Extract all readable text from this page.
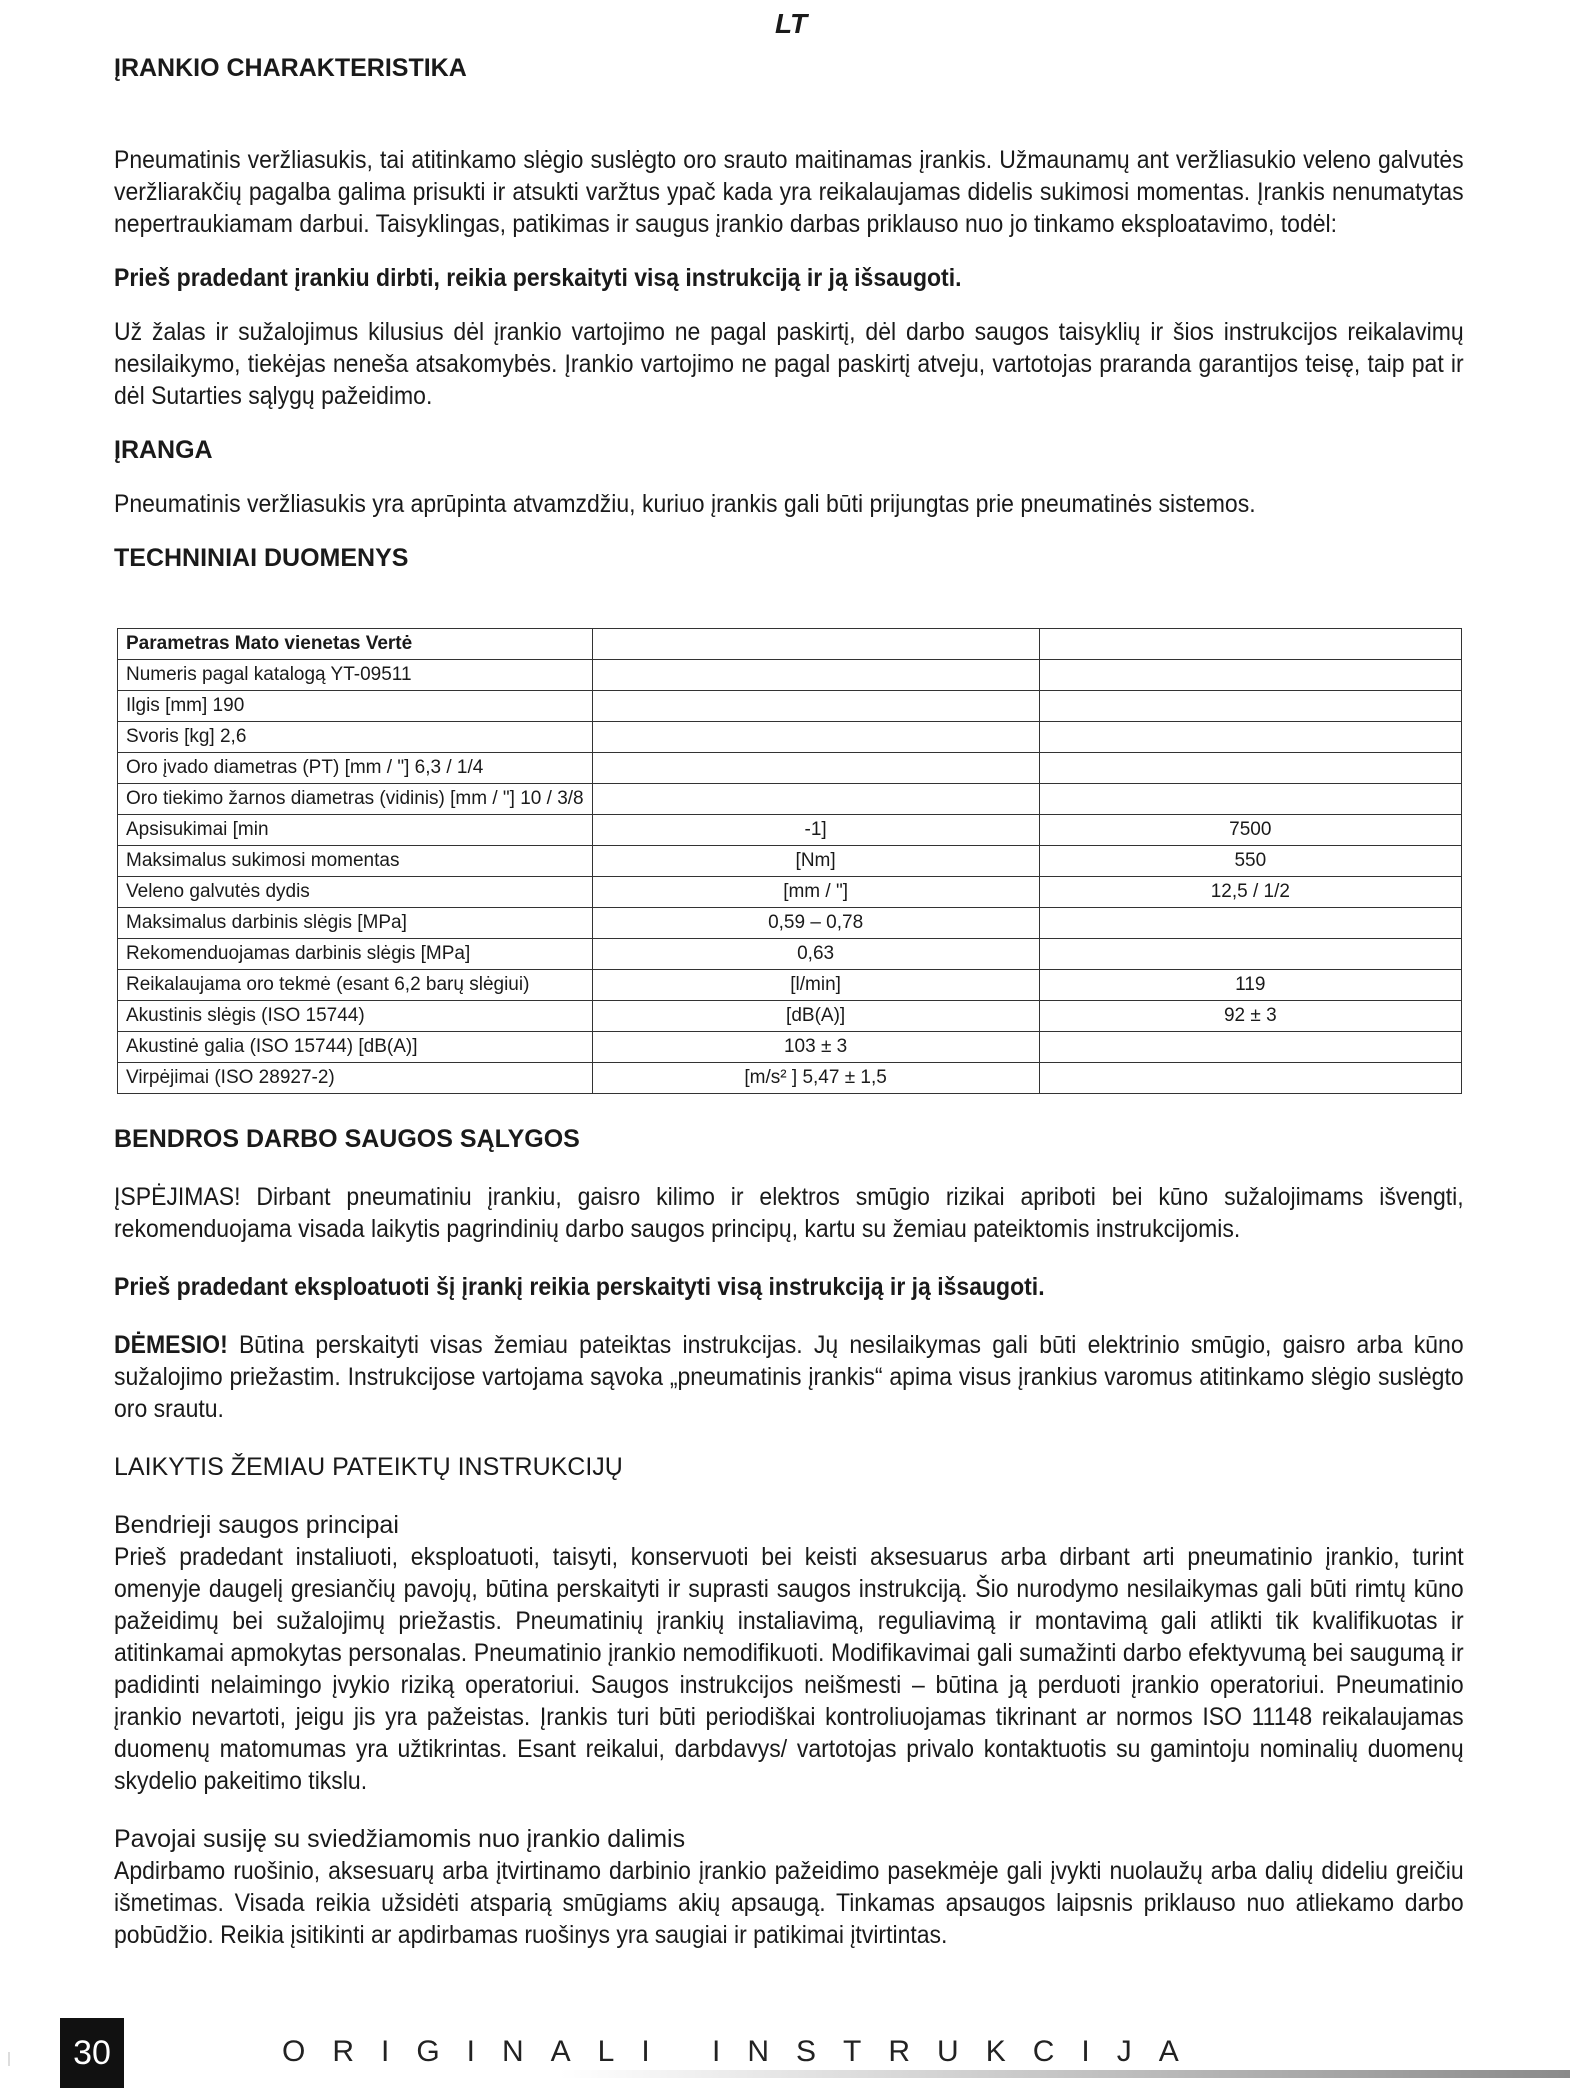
LT
ĮRANKIO CHARAKTERISTIKA
Pneumatinis veržliasukis, tai atitinkamo slėgio suslėgto oro srauto maitinamas įrankis. Užmaunamų ant veržliasukio veleno galvutės veržliarakčių pagalba galima prisukti ir atsukti varžtus ypač kada yra reikalaujamas didelis sukimosi momentas. Įrankis nenumatytas nepertraukiamam darbui. Taisyklingas, patikimas ir saugus įrankio darbas priklauso nuo jo tinkamo eksploatavimo, todėl:
Prieš pradedant įrankiu dirbti, reikia perskaityti visą instrukciją ir ją išsaugoti.
Už žalas ir sužalojimus kilusius dėl įrankio vartojimo ne pagal paskirtį, dėl darbo saugos taisyklių ir šios instrukcijos reikalavimų nesilaikymo, tiekėjas neneša atsakomybės. Įrankio vartojimo ne pagal paskirtį atveju, vartotojas praranda garantijos teisę, taip pat ir dėl Sutarties sąlygų pažeidimo.
ĮRANGA
Pneumatinis veržliasukis yra aprūpinta atvamzdžiu, kuriuo įrankis gali būti prijungtas prie pneumatinės sistemos.
TECHNINIAI DUOMENYS
Parametras Mato vienetas Vertė		
Numeris pagal katalogą YT-09511		
Ilgis [mm] 190		
Svoris [kg] 2,6		
Oro įvado diametras (PT) [mm / "] 6,3 / 1/4		
Oro tiekimo žarnos diametras (vidinis) [mm / "] 10 / 3/8		
Apsisukimai [min	-1]	7500
Maksimalus sukimosi momentas	[Nm]	550
Veleno galvutės dydis	[mm / "]	12,5 / 1/2
Maksimalus darbinis slėgis [MPa]	0,59 – 0,78	
Rekomenduojamas darbinis slėgis [MPa]	0,63	
Reikalaujama oro tekmė (esant 6,2 barų slėgiui)	[l/min]	119
Akustinis slėgis (ISO 15744)	[dB(A)]	92 ± 3
Akustinė galia (ISO 15744) [dB(A)]	103 ± 3	
Virpėjimai (ISO 28927-2)	[m/s² ] 5,47 ± 1,5	
BENDROS DARBO SAUGOS SĄLYGOS
ĮSPĖJIMAS! Dirbant pneumatiniu įrankiu, gaisro kilimo ir elektros smūgio rizikai apriboti bei kūno sužalojimams išvengti, rekomenduojama visada laikytis pagrindinių darbo saugos principų, kartu su žemiau pateiktomis instrukcijomis.
Prieš pradedant eksploatuoti šį įrankį reikia perskaityti visą instrukciją ir ją išsaugoti.
DĖMESIO! Būtina perskaityti visas žemiau pateiktas instrukcijas. Jų nesilaikymas gali būti elektrinio smūgio, gaisro arba kūno sužalojimo priežastim. Instrukcijose vartojama sąvoka „pneumatinis įrankis“ apima visus įrankius varomus atitinkamo slėgio suslėgto oro srautu.
LAIKYTIS ŽEMIAU PATEIKTŲ INSTRUKCIJŲ
Bendrieji saugos principai
Prieš pradedant instaliuoti, eksploatuoti, taisyti, konservuoti bei keisti aksesuarus arba dirbant arti pneumatinio įrankio, turint omenyje daugelį gresiančių pavojų, būtina perskaityti ir suprasti saugos instrukciją. Šio nurodymo nesilaikymas gali būti rimtų kūno pažeidimų bei sužalojimų priežastis. Pneumatinių įrankių instaliavimą, reguliavimą ir montavimą gali atlikti tik kvalifikuotas ir atitinkamai apmokytas personalas. Pneumatinio įrankio nemodifikuoti. Modifikavimai gali sumažinti darbo efektyvumą bei saugumą ir padidinti nelaimingo įvykio riziką operatoriui. Saugos instrukcijos neišmesti – būtina ją perduoti įrankio operatoriui. Pneumatinio įrankio nevartoti, jeigu jis yra pažeistas. Įrankis turi būti periodiškai kontroliuojamas tikrinant ar normos ISO 11148 reikalaujamas duomenų matomumas yra užtikrintas. Esant reikalui, darbdavys/ vartotojas privalo kontaktuotis su gamintoju nominalių duomenų skydelio pakeitimo tikslu.
Pavojai susiję su sviedžiamomis nuo įrankio dalimis
Apdirbamo ruošinio, aksesuarų arba įtvirtinamo darbinio įrankio pažeidimo pasekmėje gali įvykti nuolaužų arba dalių dideliu greičiu išmetimas. Visada reikia užsidėti atsparią smūgiams akių apsaugą. Tinkamas apsaugos laipsnis priklauso nuo atliekamo darbo pobūdžio. Reikia įsitikinti ar apdirbamas ruošinys yra saugiai ir patikimai įtvirtintas.
30	ORIGINALI INSTRUKCIJA
